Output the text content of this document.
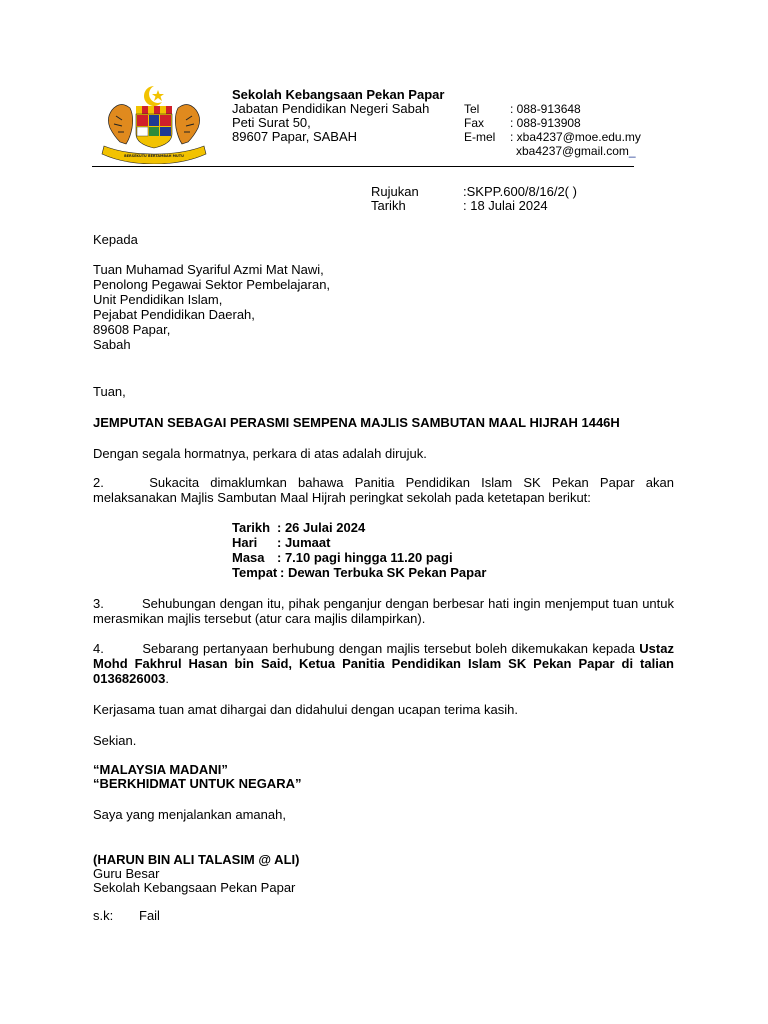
BERSEKUTU BERTAMBAH MUTU
Sekolah Kebangsaan Pekan Papar
Jabatan Pendidikan Negeri Sabah
Peti Surat 50,
89607 Papar, SABAH
Tel	: 088-913648
Fax : 088-913908
E-mel : xba4237@moe.edu.my
xba4237@gmail.com_
Rujukan	:SKPP.600/8/16/2( )
Tarikh	: 18 Julai 2024
Kepada
Tuan Muhamad Syariful Azmi Mat Nawi,
Penolong Pegawai Sektor Pembelajaran,
Unit Pendidikan Islam,
Pejabat Pendidikan Daerah,
89608 Papar,
Sabah
Tuan,
JEMPUTAN SEBAGAI PERASMI SEMPENA MAJLIS SAMBUTAN MAAL HIJRAH 1446H
Dengan segala hormatnya, perkara di atas adalah dirujuk.
2.	Sukacita dimaklumkan bahawa Panitia Pendidikan Islam SK Pekan Papar akan
melaksanakan Majlis Sambutan Maal Hijrah peringkat sekolah pada ketetapan berikut:
Tarikh : 26 Julai 2024
Hari : Jumaat
Masa : 7.10 pagi hingga 11.20 pagi
Tempat : Dewan Terbuka SK Pekan Papar
3.	Sehubungan dengan itu, pihak penganjur dengan berbesar hati ingin menjemput tuan untuk
merasmikan majlis tersebut (atur cara majlis dilampirkan).
4.	Sebarang pertanyaan berhubung dengan majlis tersebut boleh dikemukakan kepada Ustaz
Mohd Fakhrul Hasan bin Said, Ketua Panitia Pendidikan Islam SK Pekan Papar di talian
0136826003.
Kerjasama tuan amat dihargai dan didahului dengan ucapan terima kasih.
Sekian.
“MALAYSIA MADANI”
“BERKHIDMAT UNTUK NEGARA”
Saya yang menjalankan amanah,
(HARUN BIN ALI TALASIM @ ALI)
Guru Besar
Sekolah Kebangsaan Pekan Papar
s.k: Fail
